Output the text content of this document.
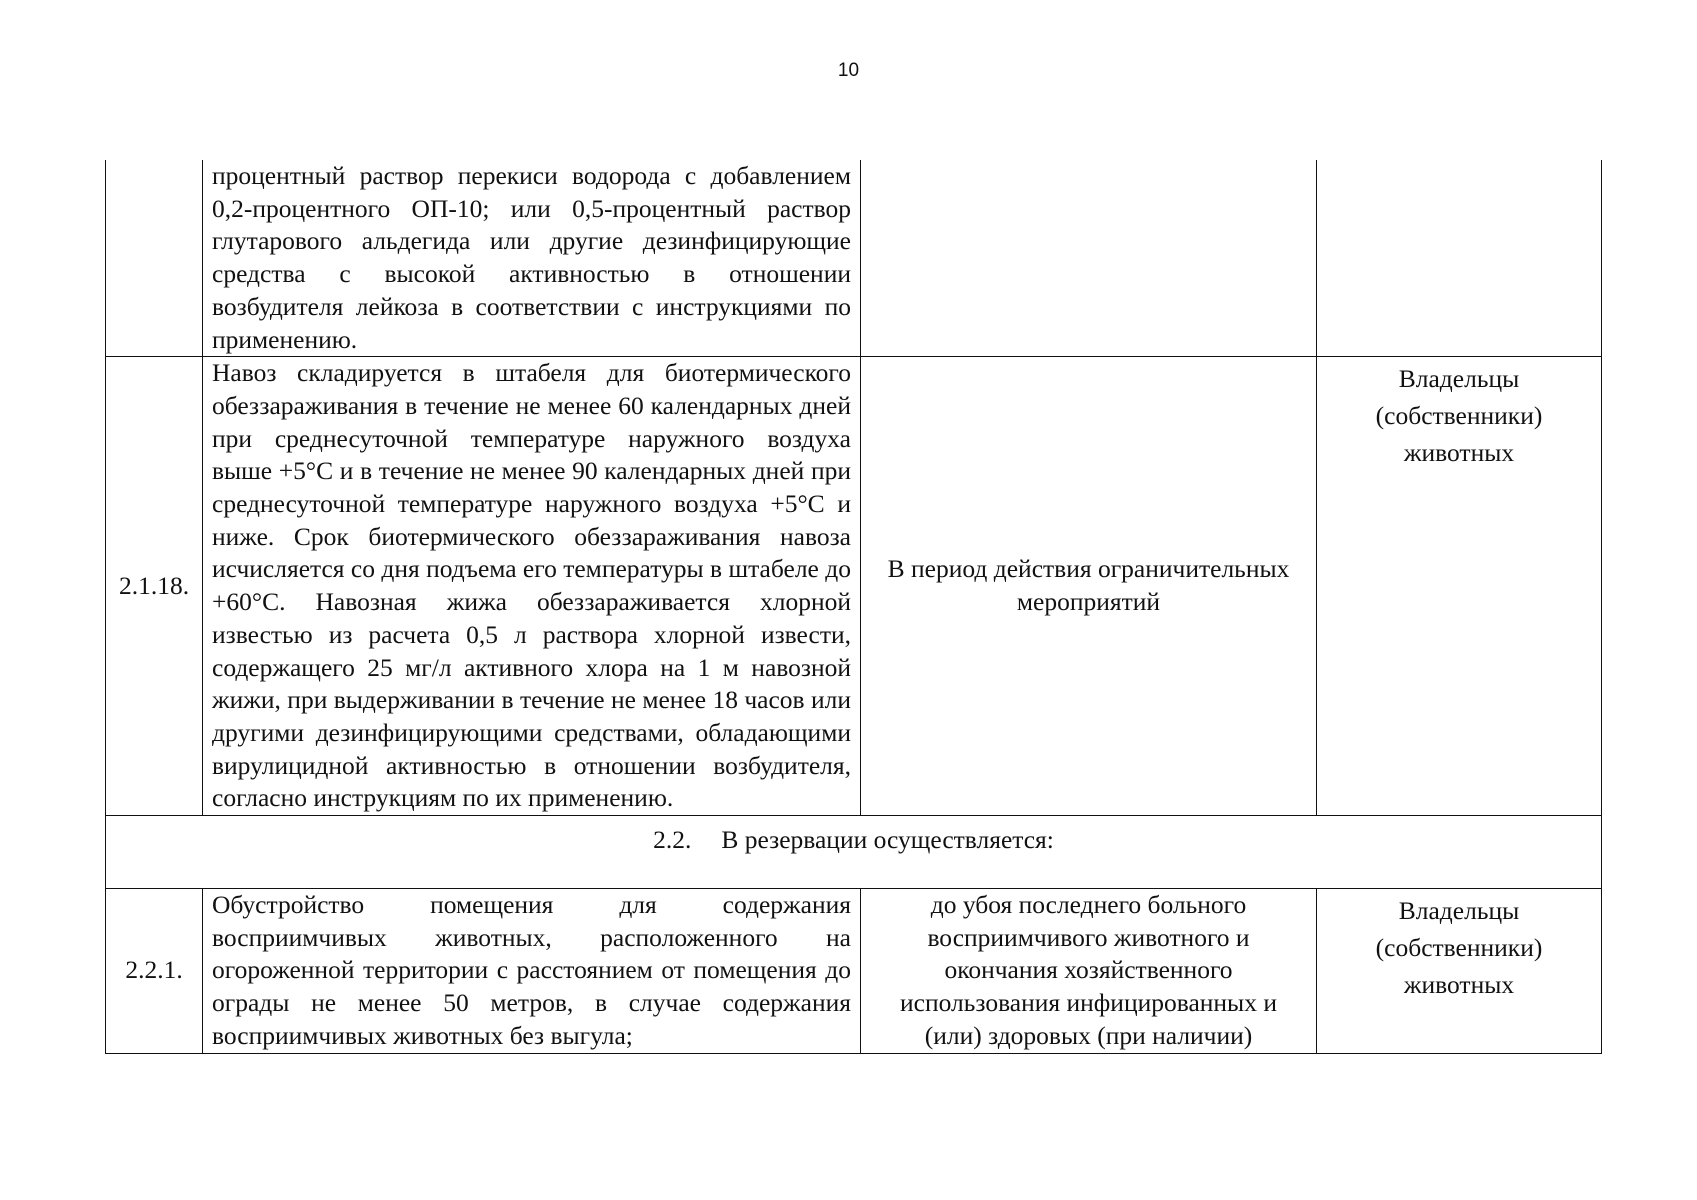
10

	процентный раствор перекиси водорода с добавлением 0,2-процентного ОП-10; или 0,5-процентный раствор глутарового альдегида или другие дезинфицирующие средства с высокой активностью в отношении возбудителя лейкоза в соответствии с инструкциями по применению.		

2.1.18.	Навоз складируется в штабеля для биотермического обеззараживания в течение не менее 60 календарных дней при среднесуточной температуре наружного воздуха выше +5°С и в течение не менее 90 календарных дней при среднесуточной температуре наружного воздуха +5°С и ниже. Срок биотермического обеззараживания навоза исчисляется со дня подъема его температуры в штабеле до +60°С. Навозная жижа обеззараживается хлорной известью из расчета 0,5 л раствора хлорной извести, содержащего 25 мг/л активного хлора на 1 м навозной жижи, при выдерживании в течение не менее 18 часов или другими дезинфицирующими средствами, обладающими вирулицидной активностью в отношении возбудителя, согласно инструкциям по их применению.	В период действия ограничительных мероприятий	Владельцы (собственники) животных

2.2. В резервации осуществляется:			

2.2.1.	Обустройство помещения для содержания восприимчивых животных, расположенного на огороженной территории с расстоянием от помещения до ограды не менее 50 метров, в случае содержания восприимчивых животных без выгула;	до убоя последнего больного восприимчивого животного и окончания хозяйственного использования инфицированных и (или) здоровых (при наличии)	Владельцы (собственники) животных
